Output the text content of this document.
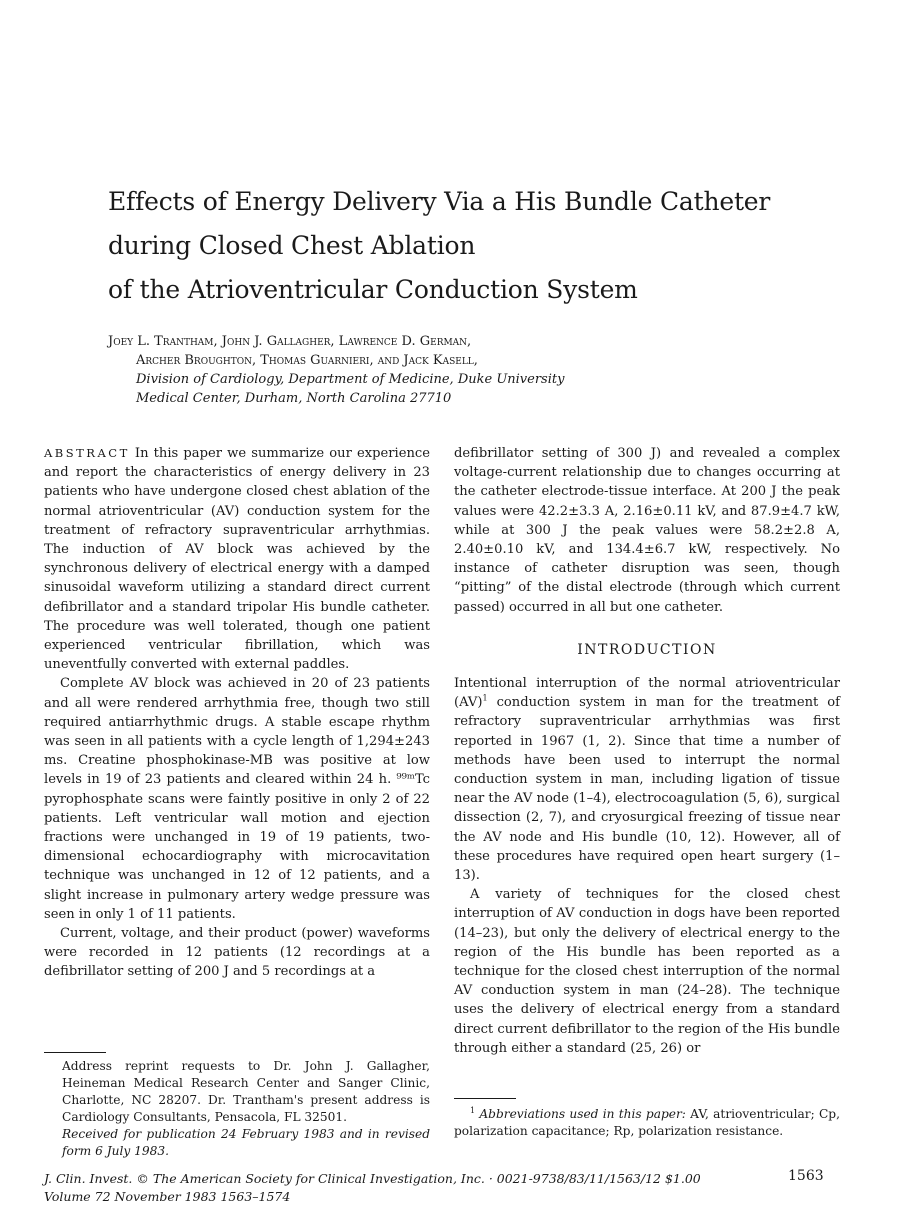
Effects of Energy Delivery Via a His Bundle Catheter
during Closed Chest Ablation
of the Atrioventricular Conduction System
Joey L. Trantham, John J. Gallagher, Lawrence D. German,
Archer Broughton, Thomas Guarnieri, and Jack Kasell,
Division of Cardiology, Department of Medicine, Duke University
Medical Center, Durham, North Carolina 27710

ABSTRACT In this paper we summarize our experience and report the characteristics of energy delivery in 23 patients who have undergone closed chest ablation of the normal atrioventricular (AV) conduction system for the treatment of refractory supraventricular arrhythmias. The induction of AV block was achieved by the synchronous delivery of electrical energy with a damped sinusoidal waveform utilizing a standard direct current defibrillator and a standard tripolar His bundle catheter. The procedure was well tolerated, though one patient experienced ventricular fibrillation, which was uneventfully converted with external paddles.

Complete AV block was achieved in 20 of 23 patients and all were rendered arrhythmia free, though two still required antiarrhythmic drugs. A stable escape rhythm was seen in all patients with a cycle length of 1,294±243 ms. Creatine phosphokinase-MB was positive at low levels in 19 of 23 patients and cleared within 24 h. ⁹⁹ᵐTc pyrophosphate scans were faintly positive in only 2 of 22 patients. Left ventricular wall motion and ejection fractions were unchanged in 19 of 19 patients, two-dimensional echocardiography with microcavitation technique was unchanged in 12 of 12 patients, and a slight increase in pulmonary artery wedge pressure was seen in only 1 of 11 patients.

Current, voltage, and their product (power) waveforms were recorded in 12 patients (12 recordings at a defibrillator setting of 200 J and 5 recordings at a

Address reprint requests to Dr. John J. Gallagher, Heineman Medical Research Center and Sanger Clinic, Charlotte, NC 28207. Dr. Trantham's present address is Cardiology Consultants, Pensacola, FL 32501.

Received for publication 24 February 1983 and in revised form 6 July 1983.

defibrillator setting of 300 J) and revealed a complex voltage-current relationship due to changes occurring at the catheter electrode-tissue interface. At 200 J the peak values were 42.2±3.3 A, 2.16±0.11 kV, and 87.9±4.7 kW, while at 300 J the peak values were 58.2±2.8 A, 2.40±0.10 kV, and 134.4±6.7 kW, respectively. No instance of catheter disruption was seen, though “pitting” of the distal electrode (through which current passed) occurred in all but one catheter.

INTRODUCTION

Intentional interruption of the normal atrioventricular (AV)$^1$ conduction system in man for the treatment of refractory supraventricular arrhythmias was first reported in 1967 (1, 2). Since that time a number of methods have been used to interrupt the normal conduction system in man, including ligation of tissue near the AV node (1–4), electrocoagulation (5, 6), surgical dissection (2, 7), and cryosurgical freezing of tissue near the AV node and His bundle (10, 12). However, all of these procedures have required open heart surgery (1–13).

A variety of techniques for the closed chest interruption of AV conduction in dogs have been reported (14–23), but only the delivery of electrical energy to the region of the His bundle has been reported as a technique for the closed chest interruption of the normal AV conduction system in man (24–28). The technique uses the delivery of electrical energy from a standard direct current defibrillator to the region of the His bundle through either a standard (25, 26) or

$^1$ Abbreviations used in this paper: AV, atrioventricular; Cp, polarization capacitance; Rp, polarization resistance.

J. Clin. Invest. © The American Society for Clinical Investigation, Inc. · 0021-9738/83/11/1563/12 $1.00
Volume 72 November 1983 1563–1574
1563
